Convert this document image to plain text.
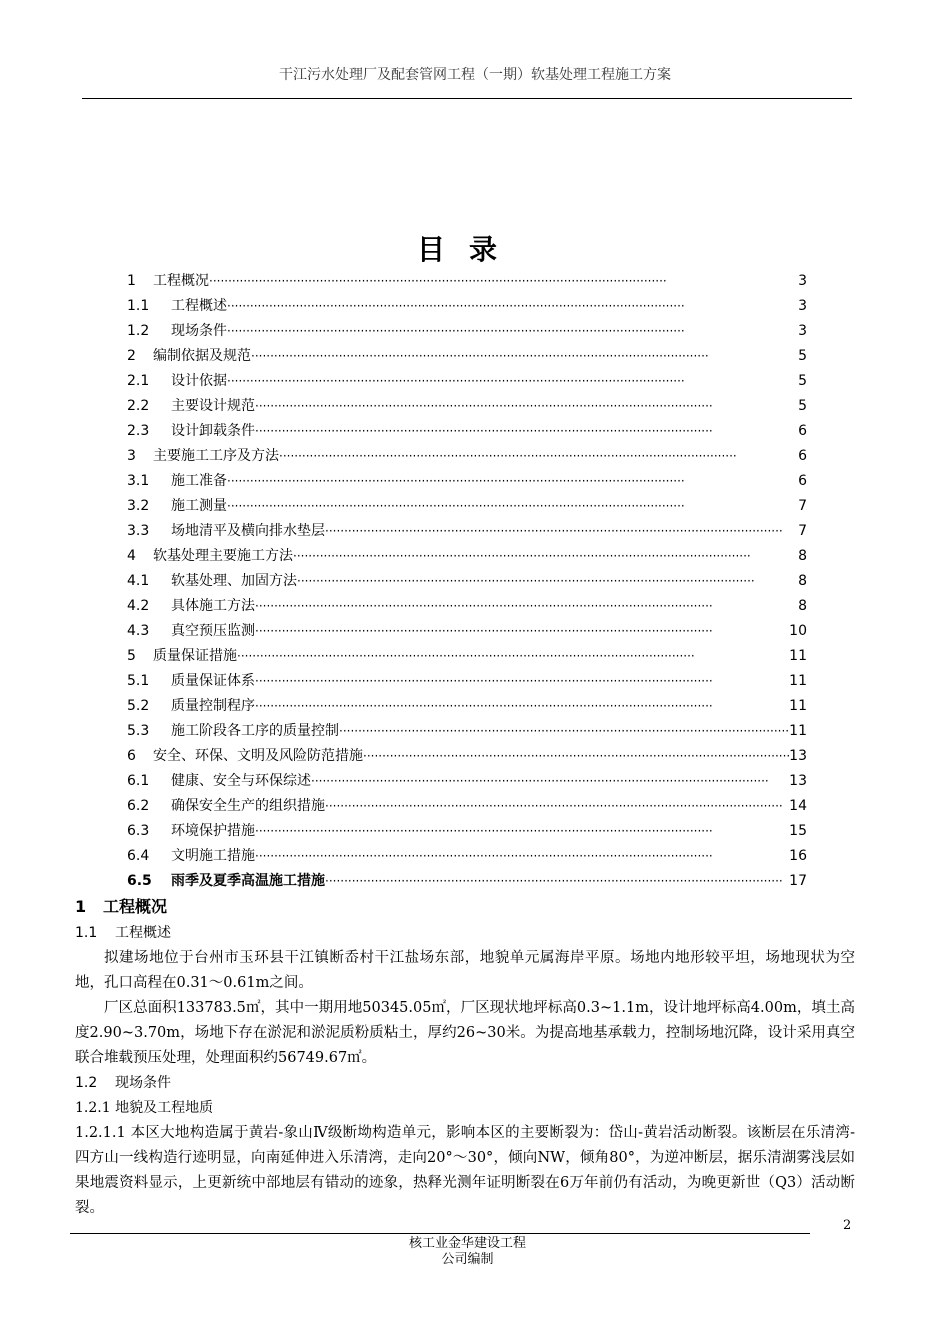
干江污水处理厂及配套管网工程（一期）软基处理工程施工方案
目录
1	工程概况 ·····	3
1.1	工程概述 ·····	3
1.2	现场条件 ·····	3
2	编制依据及规范 ·····	5
2.1	设计依据 ·····	5
2.2	主要设计规范 ·····	5
2.3	设计卸载条件 ·····	6
3	主要施工工序及方法 ·····	6
3.1	施工准备 ·····	6
3.2	施工测量 ·····	7
3.3	场地清平及横向排水垫层 ·····	7
4	软基处理主要施工方法 ·····	8
4.1	软基处理、加固方法 ·····	8
4.2	具体施工方法 ·····	8
4.3	真空预压监测 ·····	10
5	质量保证措施 ·····	11
5.1	质量保证体系 ·····	11
5.2	质量控制程序 ·····	11
5.3	施工阶段各工序的质量控制 ·····	11
6	安全、环保、文明及风险防范措施 ·····	13
6.1	健康、安全与环保综述 ·····	13
6.2	确保安全生产的组织措施 ·····	14
6.3	环境保护措施 ·····	15
6.4	文明施工措施 ·····	16
6.5	雨季及夏季高温施工措施 ·····	17
1 工程概况
1.1 工程概述
拟建场地位于台州市玉环县干江镇断岙村干江盐场东部，地貌单元属海岸平原。场地内地形较平坦，场地现状为空地，孔口高程在0.31～0.61m之间。
厂区总面积133783.5㎡，其中一期用地50345.05㎡，厂区现状地坪标高0.3~1.1m，设计地坪标高4.00m，填土高度2.90~3.70m，场地下存在淤泥和淤泥质粉质粘土，厚约26~30米。为提高地基承载力，控制场地沉降，设计采用真空联合堆载预压处理，处理面积约56749.67㎡。
1.2 现场条件
1.2.1 地貌及工程地质
1.2.1.1 本区大地构造属于黄岩-象山Ⅳ级断坳构造单元，影响本区的主要断裂为：岱山-黄岩活动断裂。该断层在乐清湾-四方山一线构造行迹明显，向南延伸进入乐清湾，走向20°～30°，倾向NW，倾角80°，为逆冲断层，据乐清湖雾浅层如果地震资料显示，上更新统中部地层有错动的迹象，热释光测年证明断裂在6万年前仍有活动，为晚更新世（Q3）活动断裂。
2
核工业金华建设工程
公司编制
